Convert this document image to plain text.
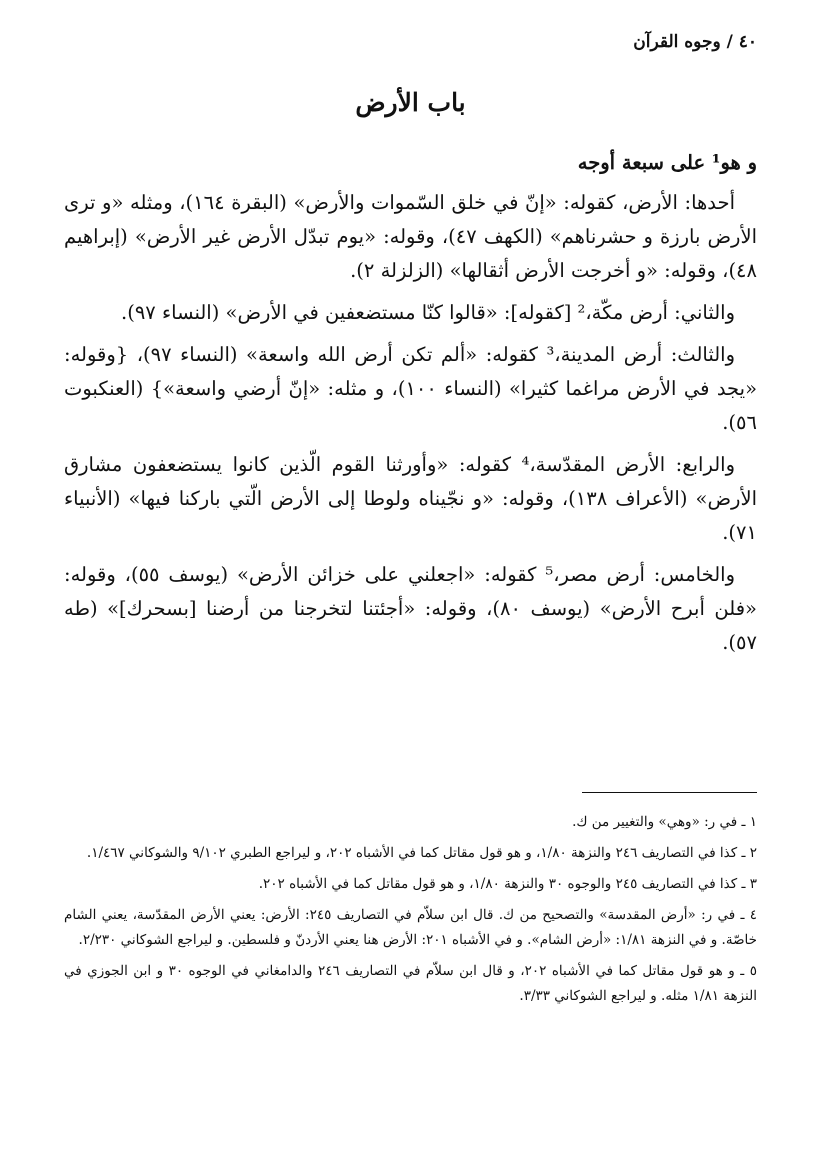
٤٠ / وجوه القرآن
باب الأرض

و هو¹ على سبعة أوجه

أحدها: الأرض، كقوله: «إنّ في خلق السّموات والأرض» (البقرة ١٦٤)، ومثله «و ترى الأرض بارزة و حشرناهم» (الكهف ٤٧)، وقوله: «يوم تبدّل الأرض غير الأرض» (إبراهيم ٤٨)، وقوله: «و أخرجت الأرض أثقالها» (الزلزلة ٢).

والثاني: أرض مكّة،² [كقوله]: «قالوا كنّا مستضعفين في الأرض» (النساء ٩٧).

والثالث: أرض المدينة،³ كقوله: «ألم تكن أرض الله واسعة» (النساء ٩٧)، {وقوله: «يجد في الأرض مراغما كثيرا» (النساء ١٠٠)، و مثله: «إنّ أرضي واسعة»} (العنكبوت ٥٦).

والرابع: الأرض المقدّسة،⁴ كقوله: «وأورثنا القوم الّذين كانوا يستضعفون مشارق الأرض» (الأعراف ١٣٨)، وقوله: «و نجّيناه ولوطا إلى الأرض الّتي باركنا فيها» (الأنبياء ٧١).

والخامس: أرض مصر،⁵ كقوله: «اجعلني على خزائن الأرض» (يوسف ٥٥)، وقوله: «فلن أبرح الأرض» (يوسف ٨٠)، وقوله: «أجئتنا لتخرجنا من أرضنا [بسحرك]» (طه ٥٧).

١ ـ في ر: «وهي» والتغيير من ك.

٢ ـ كذا في التصاريف ٢٤٦ والنزهة ١/٨٠، و هو قول مقاتل كما في الأشباه ٢٠٢، و ليراجع الطبري ٩/١٠٢ والشوكاني ١/٤٦٧.

٣ ـ كذا في التصاريف ٢٤٥ والوجوه ٣٠ والنزهة ١/٨٠، و هو قول مقاتل كما في الأشباه ٢٠٢.

٤ ـ في ر: «أرض المقدسة» والتصحيح من ك. قال ابن سلاّم في التصاريف ٢٤٥: الأرض: يعني الأرض المقدّسة، يعني الشام خاصّة. و في النزهة ١/٨١: «أرض الشام». و في الأشباه ٢٠١: الأرض هنا يعني الأردنّ و فلسطين. و ليراجع الشوكاني ٢/٢٣٠.

٥ ـ و هو قول مقاتل كما في الأشباه ٢٠٢، و قال ابن سلاّم في التصاريف ٢٤٦ والدامغاني في الوجوه ٣٠ و ابن الجوزي في النزهة ١/٨١ مثله. و ليراجع الشوكاني ٣/٣٣.
